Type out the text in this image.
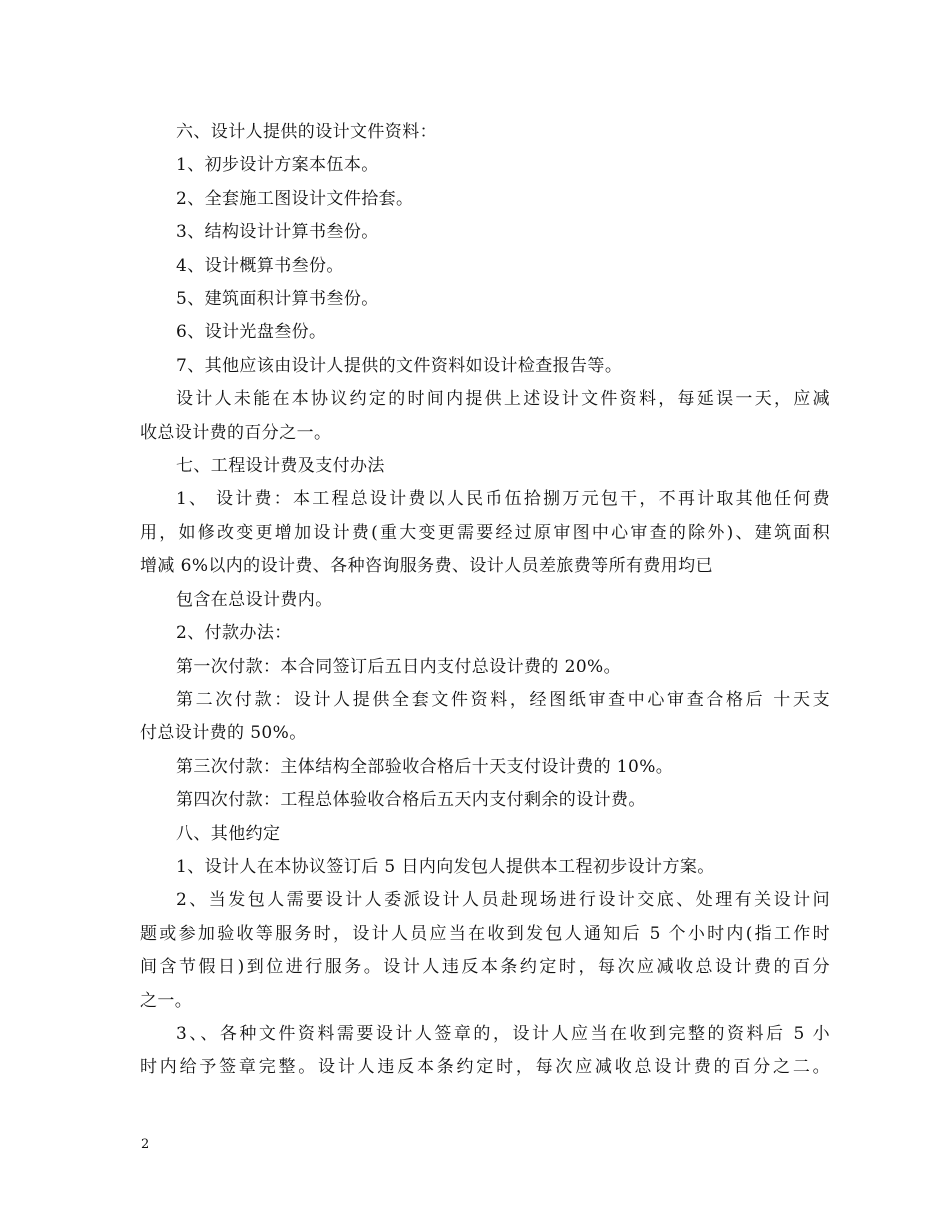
六、设计人提供的设计文件资料：

1、初步设计方案本伍本。

2、全套施工图设计文件拾套。

3、结构设计计算书叁份。

4、设计概算书叁份。

5、建筑面积计算书叁份。

6、设计光盘叁份。

7、其他应该由设计人提供的文件资料如设计检查报告等。

设计人未能在本协议约定的时间内提供上述设计文件资料，每延误一天，应减
收总设计费的百分之一。

七、工程设计费及支付办法

1、 设计费：本工程总设计费以人民币伍拾捌万元包干，不再计取其他任何费
用，如修改变更增加设计费(重大变更需要经过原审图中心审查的除外)、建筑面积
增减 6%以内的设计费、各种咨询服务费、设计人员差旅费等所有费用均已

包含在总设计费内。

2、付款办法：

第一次付款：本合同签订后五日内支付总设计费的 20%。

第二次付款：设计人提供全套文件资料，经图纸审查中心审查合格后 十天支
付总设计费的 50%。

第三次付款：主体结构全部验收合格后十天支付设计费的 10%。

第四次付款：工程总体验收合格后五天内支付剩余的设计费。

八、其他约定

1、设计人在本协议签订后 5 日内向发包人提供本工程初步设计方案。

2、当发包人需要设计人委派设计人员赴现场进行设计交底、处理有关设计问
题或参加验收等服务时，设计人员应当在收到发包人通知后 5 个小时内(指工作时
间含节假日)到位进行服务。设计人违反本条约定时，每次应减收总设计费的百分
之一。

3、、各种文件资料需要设计人签章的，设计人应当在收到完整的资料后 5 小
时内给予签章完整。设计人违反本条约定时，每次应减收总设计费的百分之二。

2
